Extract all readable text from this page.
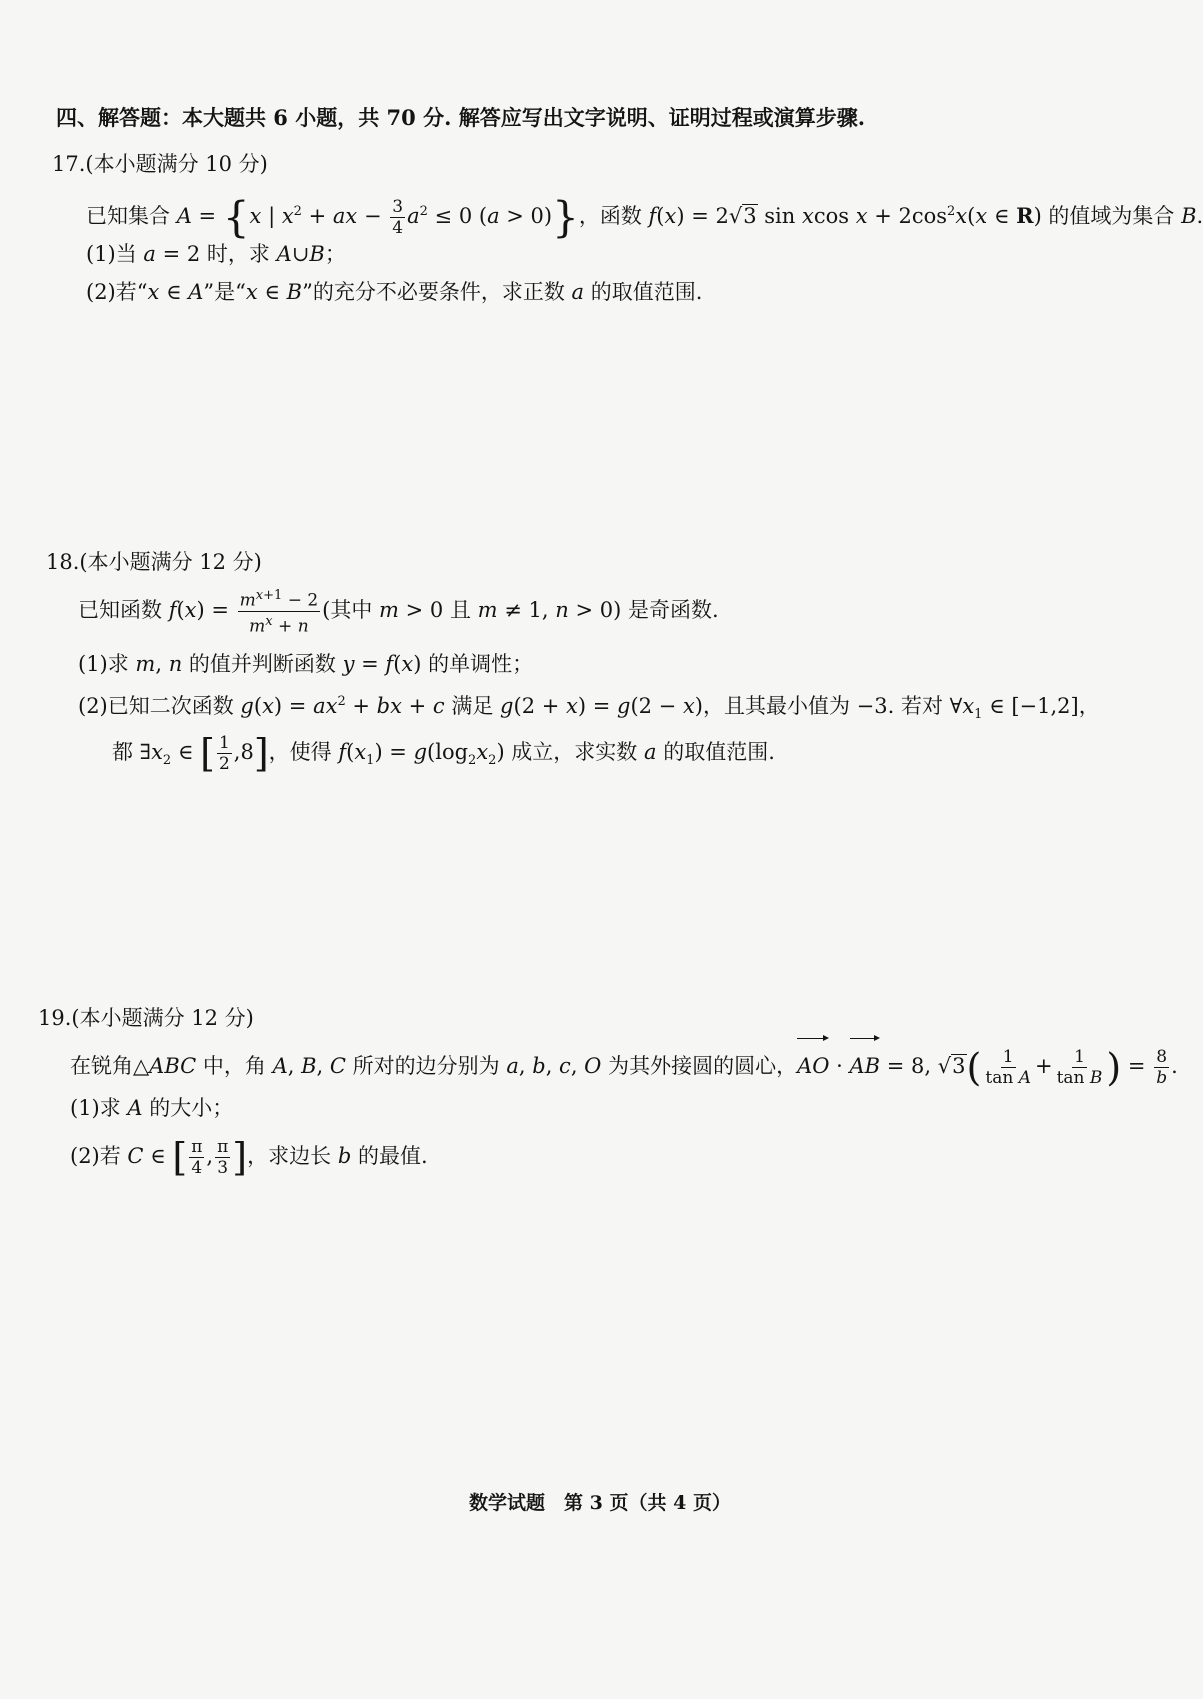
四、解答题：本大题共 6 小题，共 70 分. 解答应写出文字说明、证明过程或演算步骤.
17.(本小题满分 10 分)
已知集合 A = {x | $x^2$ + ax − $\frac{3}{4} a^2 \le 0$ (a > 0)}，函数 f(x) = 2√3 sin xcos $x + 2\cos^2x(x$ ∈ R) 的值域为集合 B.
(1)当 a = 2 时，求 A∪B；
(2)若“x ∈ A”是“x ∈ B”的充分不必要条件，求正数 a 的取值范围.
18.(本小题满分 12 分)
已知函数 $f(x) = \frac{m^{x+1} - 2}{m^x + n}$ (其中 m > 0 且 m ≠ 1, n > 0) 是奇函数.
(1)求 m, n 的值并判断函数 y = f(x) 的单调性；
(2)已知二次函数 $g(x) = ax^2$ + bx + c 满足 g(2 + x) = g(2 − x)，且其最小值为 −3. 若对 $\forall x_1$ ∈ [−1,2]，
都 $\exists x_2$ ∈ [ $\frac{1}{2} ,8$]，使得 $f(x_1) = g(\log_2x_2)$ 成立，求实数 a 的取值范围.
19.(本小题满分 12 分)
在锐角△ABC 中，角 A, B, C 所对的边分别为 a, b, c, O 为其外接圆的圆心，AO · AB = 8, $√3( \frac{1}{\text{tan A}} + \frac{1}{\text{tan B}}$ ) = $\frac{8}{b}$ .
(1)求 A 的大小；
(2)若 C ∈ [ $\frac{\pi}{4}$ , $\frac{\pi}{3}$ ]，求边长 b 的最值.
数学试题　第 3 页（共 4 页）
